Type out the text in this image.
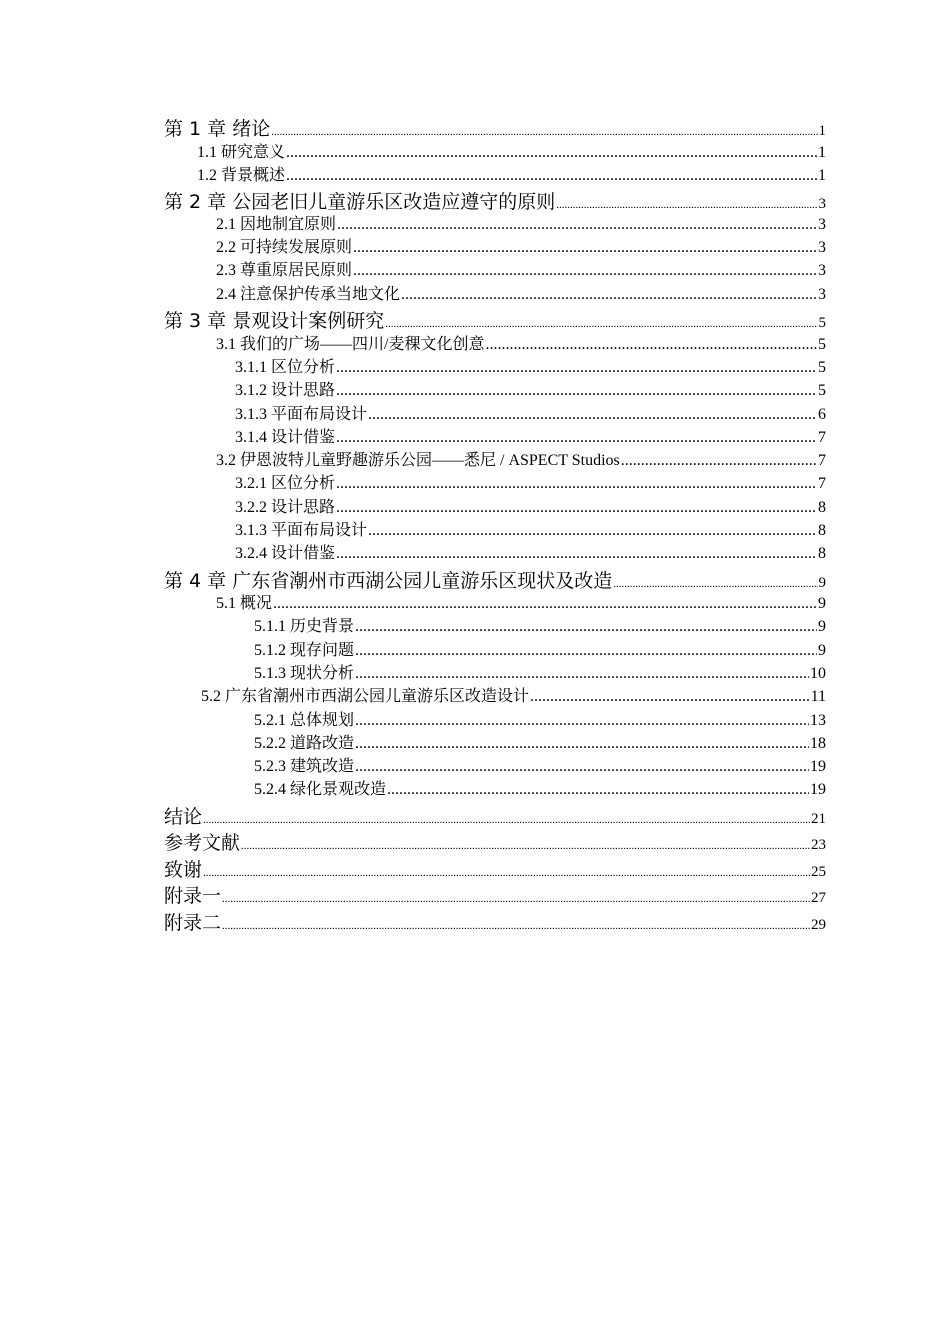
第 1 章 绪论 .....	1
1.1 研究意义 .....	1
1.2 背景概述 .....	1
第 2 章 公园老旧儿童游乐区改造应遵守的原则 .....	3
2.1 因地制宜原则 .....	3
2.2 可持续发展原则 .....	3
2.3 尊重原居民原则 .....	3
2.4 注意保护传承当地文化 .....	3
第 3 章 景观设计案例研究 .....	5
3.1 我们的广场——四川/麦稞文化创意 .....	5
3.1.1 区位分析 .....	5
3.1.2 设计思路 .....	5
3.1.3 平面布局设计 .....	6
3.1.4 设计借鉴 .....	7
3.2 伊恩波特儿童野趣游乐公园——悉尼 / ASPECT Studios .....	7
3.2.1 区位分析 .....	7
3.2.2 设计思路 .....	8
3.1.3 平面布局设计 .....	8
3.2.4 设计借鉴 .....	8
第 4 章 广东省潮州市西湖公园儿童游乐区现状及改造 .....	9
5.1 概况 .....	9
5.1.1 历史背景 .....	9
5.1.2 现存问题 .....	9
5.1.3 现状分析 .....	10
5.2 广东省潮州市西湖公园儿童游乐区改造设计 .....	11
5.2.1 总体规划 .....	13
5.2.2 道路改造 .....	18
5.2.3 建筑改造 .....	19
5.2.4 绿化景观改造 .....	19
结论 .....	21
参考文献 .....	23
致谢 .....	25
附录一 .....	27
附录二 .....	29
